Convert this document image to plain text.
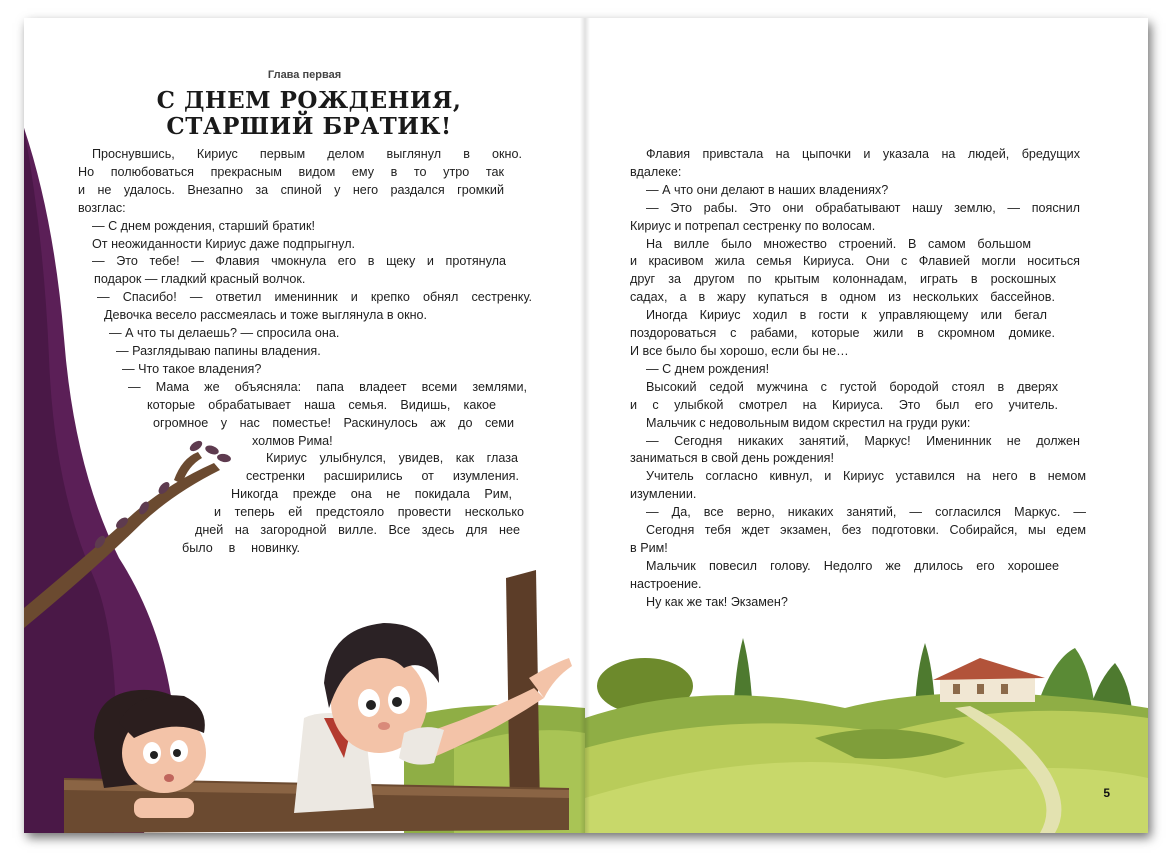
Глава первая
С ДНЕМ РОЖДЕНИЯ,
СТАРШИЙ БРАТИК!

Проснувшись, Кириус первым делом выглянул в окно.

Но полюбоваться прекрасным видом ему в то утро так

и не удалось. Внезапно за спиной у него раздался громкий

возглас:

— С днем рождения, старший братик!

От неожиданности Кириус даже подпрыгнул.

— Это тебе! — Флавия чмокнула его в щеку и протянула

подарок — гладкий красный волчок.

— Спасибо! — ответил именинник и крепко обнял сестренку.

Девочка весело рассмеялась и тоже выглянула в окно.

— А что ты делаешь? — спросила она.

— Разглядываю папины владения.

— Что такое владения?

— Мама же объясняла: папа владеет всеми землями,

которые обрабатывает наша семья. Видишь, какое

огромное у нас поместье! Раскинулось аж до семи

холмов Рима!

Кириус улыбнулся, увидев, как глаза

сестренки расширились от изумления.

Никогда прежде она не покидала Рим,

и теперь ей предстояло провести несколько

дней на загородной вилле. Все здесь для нее

было в новинку.

Флавия привстала на цыпочки и указала на людей, бредущих

вдалеке:

— А что они делают в наших владениях?

— Это рабы. Это они обрабатывают нашу землю, — пояснил

Кириус и потрепал сестренку по волосам.

На вилле было множество строений. В самом большом

и красивом жила семья Кириуса. Они с Флавией могли носиться

друг за другом по крытым колоннадам, играть в роскошных

садах, а в жару купаться в одном из нескольких бассейнов.

Иногда Кириус ходил в гости к управляющему или бегал

поздороваться с рабами, которые жили в скромном домике.

И все было бы хорошо, если бы не…

— С днем рождения!

Высокий седой мужчина с густой бородой стоял в дверях

и с улыбкой смотрел на Кириуса. Это был его учитель.

Мальчик с недовольным видом скрестил на груди руки:

— Сегодня никаких занятий, Маркус! Именинник не должен

заниматься в свой день рождения!

Учитель согласно кивнул, и Кириус уставился на него в немом

изумлении.

— Да, все верно, никаких занятий, — согласился Маркус. —

Сегодня тебя ждет экзамен, без подготовки. Собирайся, мы едем

в Рим!

Мальчик повесил голову. Недолго же длилось его хорошее

настроение.

Ну как же так! Экзамен?

5
